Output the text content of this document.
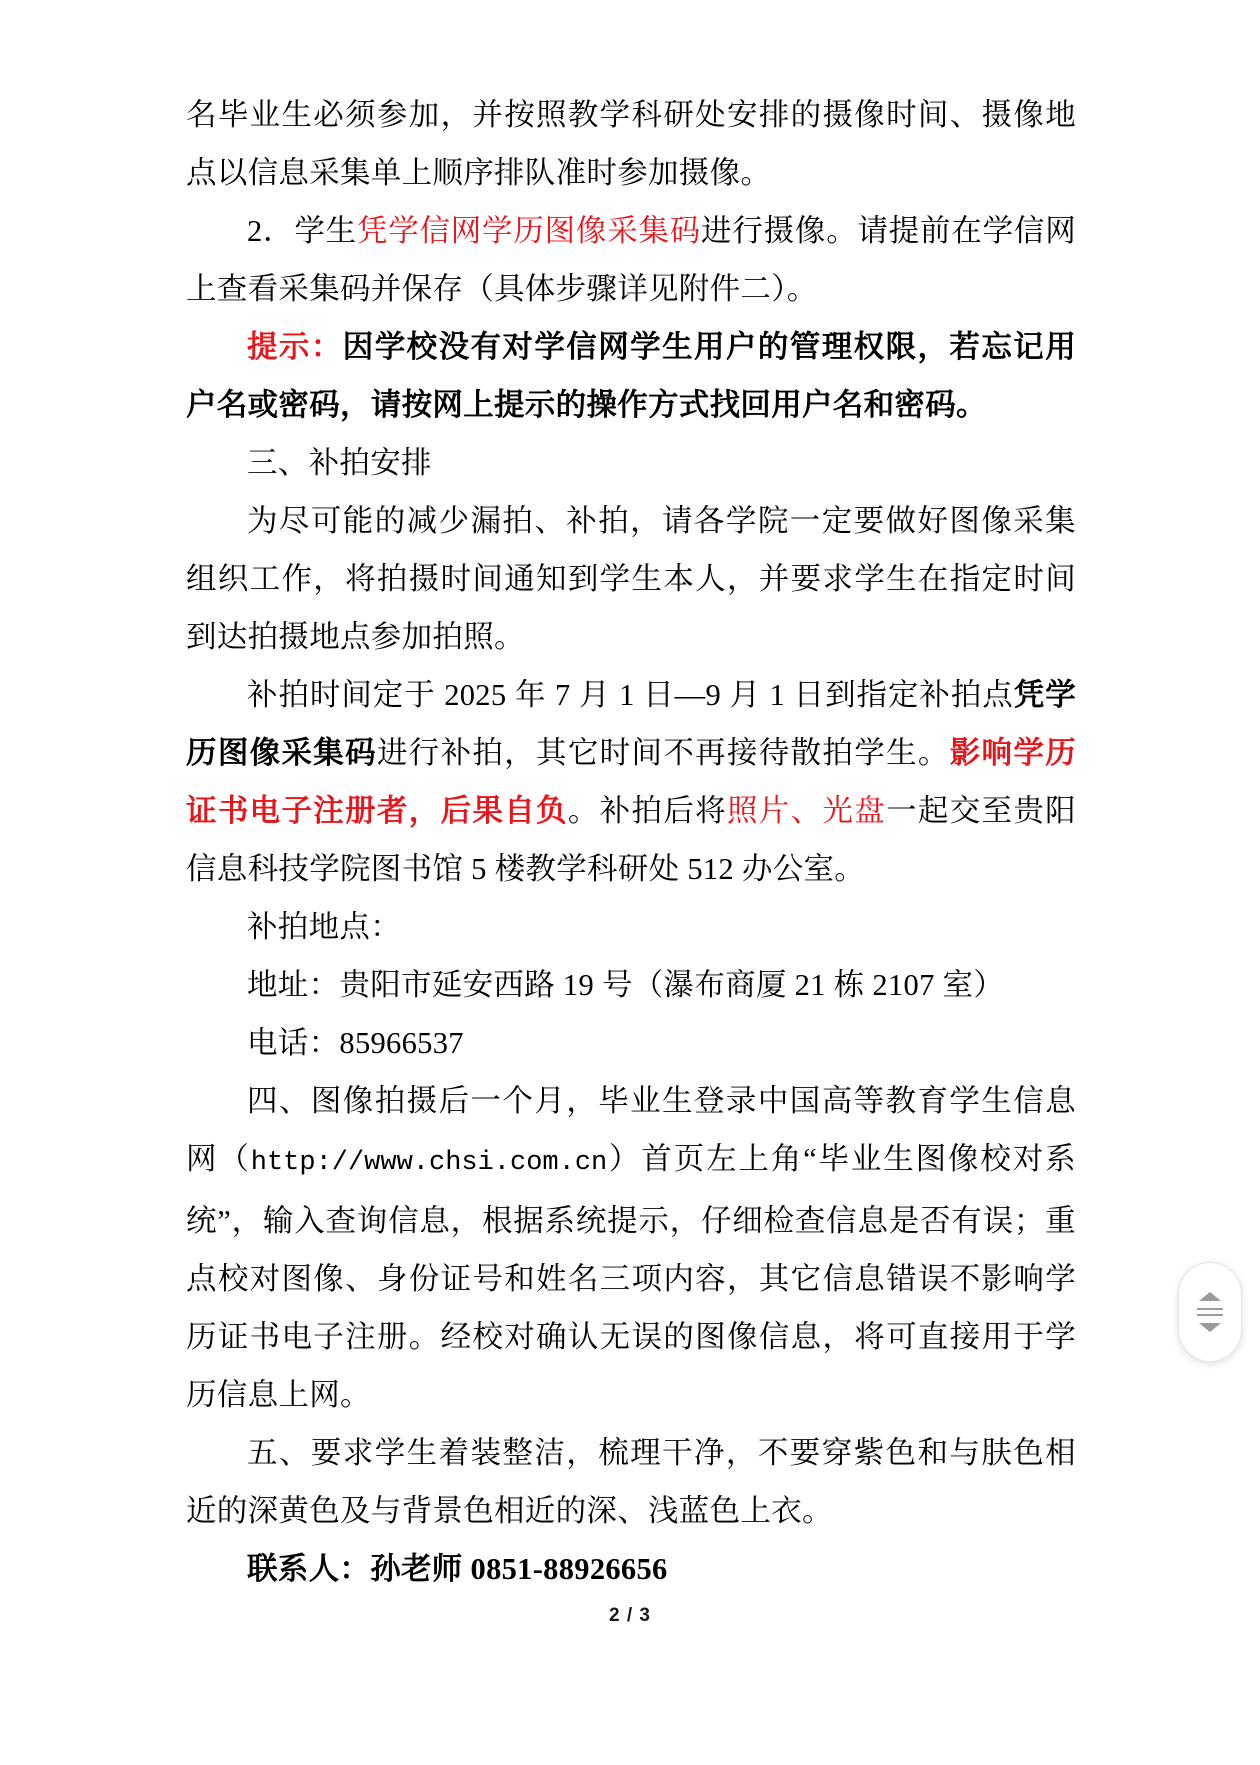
名毕业生必须参加，并按照教学科研处安排的摄像时间、摄像地点以信息采集单上顺序排队准时参加摄像。

2．学生凭学信网学历图像采集码进行摄像。请提前在学信网上查看采集码并保存（具体步骤详见附件二）。

提示：因学校没有对学信网学生用户的管理权限，若忘记用户名或密码，请按网上提示的操作方式找回用户名和密码。

三、补拍安排

为尽可能的减少漏拍、补拍，请各学院一定要做好图像采集组织工作，将拍摄时间通知到学生本人，并要求学生在指定时间到达拍摄地点参加拍照。

补拍时间定于 2025 年 7 月 1 日—9 月 1 日到指定补拍点凭学历图像采集码进行补拍，其它时间不再接待散拍学生。影响学历证书电子注册者，后果自负。补拍后将照片、光盘一起交至贵阳信息科技学院图书馆 5 楼教学科研处 512 办公室。

补拍地点：

地址：贵阳市延安西路 19 号（瀑布商厦 21 栋 2107 室）

电话：85966537

四、图像拍摄后一个月，毕业生登录中国高等教育学生信息网（http://www.chsi.com.cn）首页左上角“毕业生图像校对系统”，输入查询信息，根据系统提示，仔细检查信息是否有误；重点校对图像、身份证号和姓名三项内容，其它信息错误不影响学历证书电子注册。经校对确认无误的图像信息，将可直接用于学历信息上网。

五、要求学生着装整洁，梳理干净，不要穿紫色和与肤色相近的深黄色及与背景色相近的深、浅蓝色上衣。

联系人：孙老师 0851-88926656

2 / 3
